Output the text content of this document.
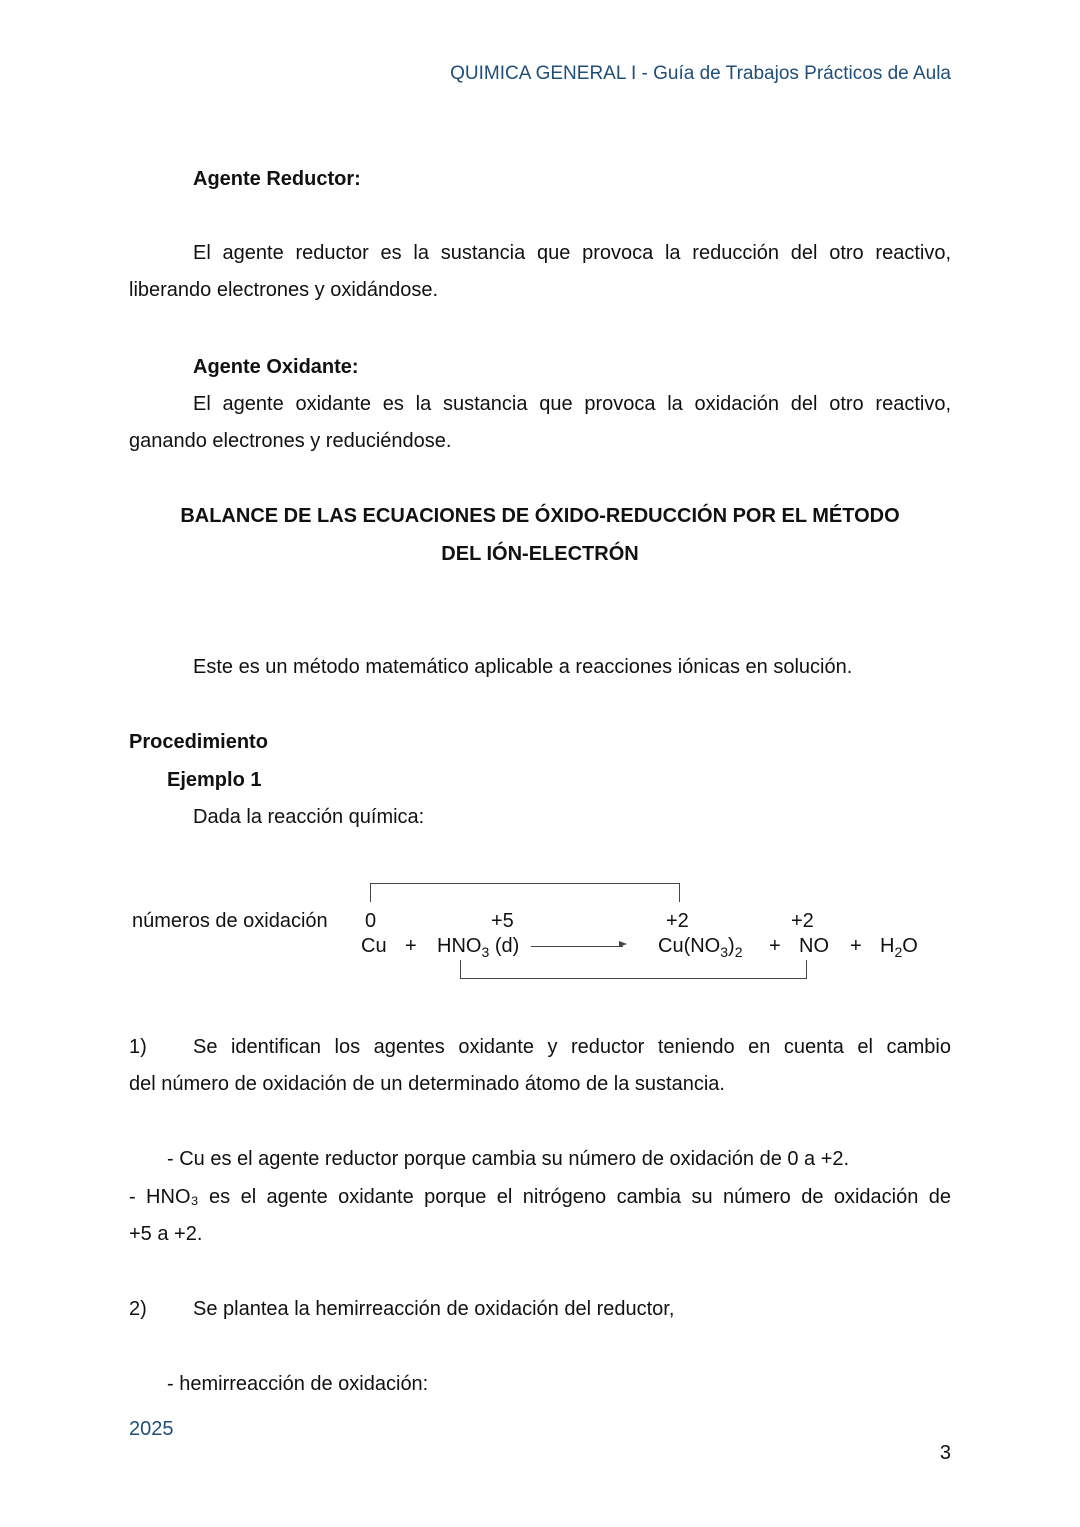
QUIMICA GENERAL I - Guía de Trabajos Prácticos de Aula
Agente Reductor:
El agente reductor es la sustancia que provoca la reducción del otro reactivo, liberando electrones y oxidándose.
Agente Oxidante:
El agente oxidante es la sustancia que provoca la oxidación del otro reactivo, ganando electrones y reduciéndose.
BALANCE DE LAS ECUACIONES DE ÓXIDO-REDUCCIÓN POR EL MÉTODO
DEL IÓN-ELECTRÓN
Este es un método matemático aplicable a reacciones iónicas en solución.
Procedimiento
Ejemplo 1
Dada la reacción química:
números de oxidación 0	+5	+2	+2
$Cu + HNO_3$ (d)	$Cu(NO_3)_2$ + NO + $H_2O$
1) Se identifican los agentes oxidante y reductor teniendo en cuenta el cambio
del número de oxidación de un determinado átomo de la sustancia.
- Cu es el agente reductor porque cambia su número de oxidación de 0 a +2.
- HNO₃ es el agente oxidante porque el nitrógeno cambia su número de oxidación de
+5 a +2.
2) Se plantea la hemirreacción de oxidación del reductor,
- hemirreacción de oxidación:
2025
3
